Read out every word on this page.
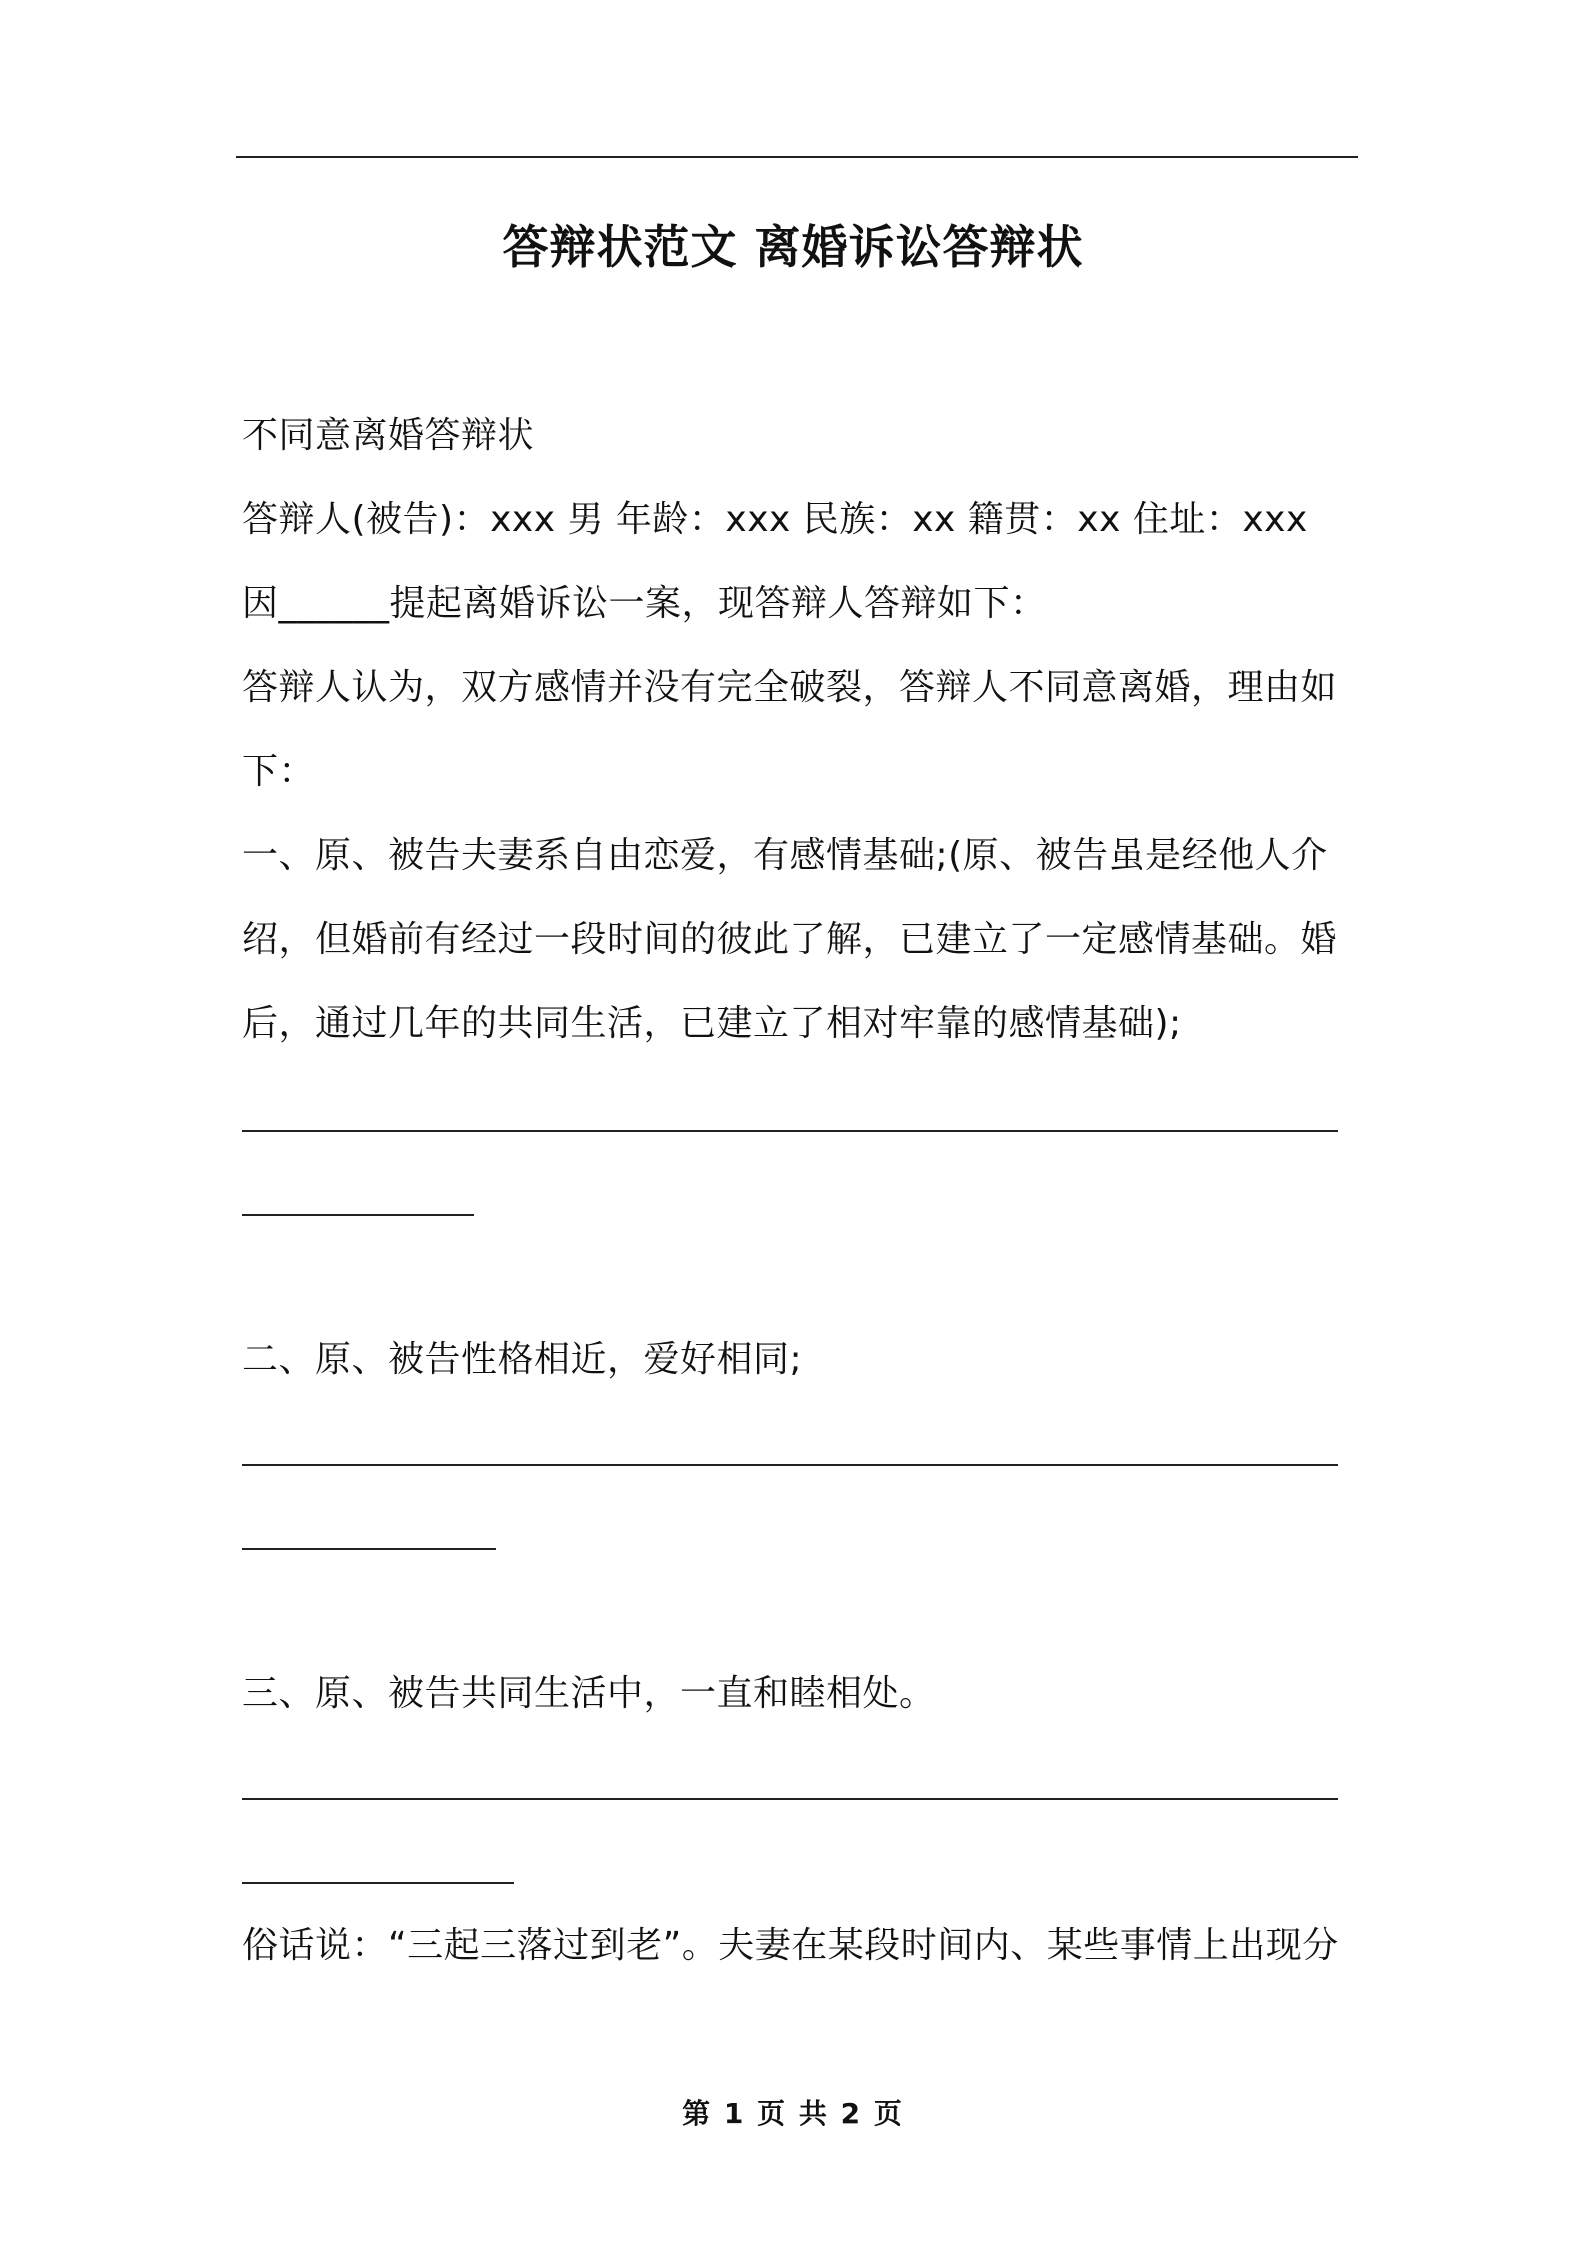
答辩状范文 离婚诉讼答辩状
不同意离婚答辩状
答辩人(被告)：xxx 男 年龄：xxx 民族：xx 籍贯：xx 住址：xxx
因______提起离婚诉讼一案，现答辩人答辩如下：
答辩人认为，双方感情并没有完全破裂，答辩人不同意离婚，理由如
下：
一、原、被告夫妻系自由恋爱，有感情基础;(原、被告虽是经他人介
绍，但婚前有经过一段时间的彼此了解，已建立了一定感情基础。婚
后，通过几年的共同生活，已建立了相对牢靠的感情基础);
二、原、被告性格相近，爱好相同;
三、原、被告共同生活中，一直和睦相处。
俗话说：“三起三落过到老”。夫妻在某段时间内、某些事情上出现分
第 1 页 共 2 页
